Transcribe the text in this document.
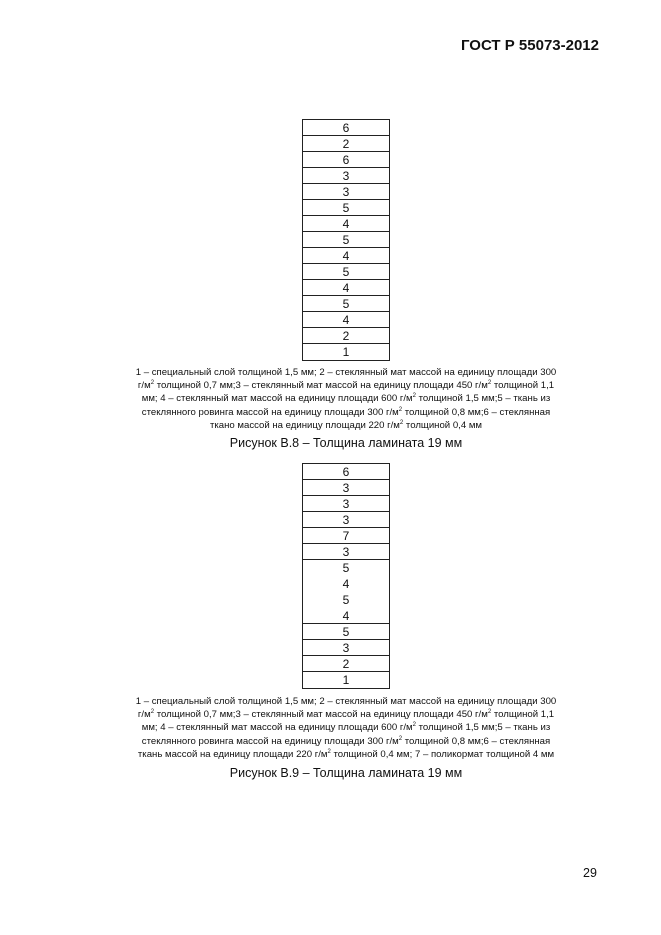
ГОСТ Р 55073-2012
6
2
6
3
3
5
4
5
4
5
4
5
4
2
1
1 – специальный слой толщиной 1,5 мм; 2 – стеклянный мат массой на единицу площади 300
$г/м^2$ толщиной 0,7 мм;3 – стеклянный мат массой на единицу площади 450 $г/м^2$ толщиной 1,1
мм; 4 – стеклянный мат массой на единицу площади 600 $г/м^2$ толщиной 1,5 мм;5 – ткань из
стеклянного ровинга массой на единицу площади 300 $г/м^2$ толщиной 0,8 мм;6 – стеклянная
ткано массой на единицу площади 220 $г/м^2$ толщиной 0,4 мм
Рисунок В.8 – Толщина ламината 19 мм
6
3
3
3
7
3
5
4
5
4
5
3
2
1
1 – специальный слой толщиной 1,5 мм; 2 – стеклянный мат массой на единицу площади 300
$г/м^2$ толщиной 0,7 мм;3 – стеклянный мат массой на единицу площади 450 $г/м^2$ толщиной 1,1
мм; 4 – стеклянный мат массой на единицу площади 600 $г/м^2$ толщиной 1,5 мм;5 – ткань из
стеклянного ровинга массой на единицу площади 300 $г/м^2$ толщиной 0,8 мм;6 – стеклянная
ткань массой на единицу площади 220 $г/м^2$ толщиной 0,4 мм; 7 – поликормат толщиной 4 мм
Рисунок В.9 – Толщина ламината 19 мм
29
